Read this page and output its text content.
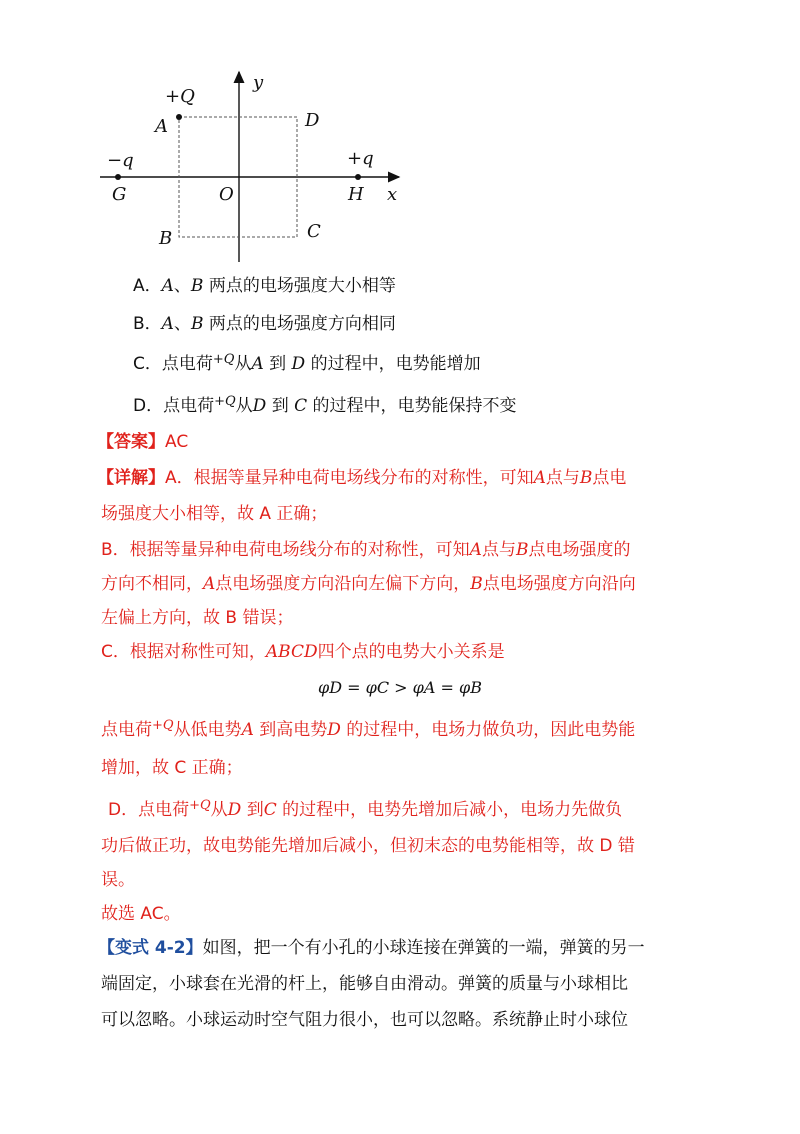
y
x
O
+Q
A	D
−q
G
+q
H
B	C
A．A、B 两点的电场强度大小相等
B．A、B 两点的电场强度方向相同
C．点电荷$^{+Q}$从A 到 D 的过程中，电势能增加
D．点电荷$^{+Q}$从D 到 C 的过程中，电势能保持不变
【答案】AC
【详解】A．根据等量异种电荷电场线分布的对称性，可知A点与B点电
场强度大小相等，故 A 正确；
B．根据等量异种电荷电场线分布的对称性，可知A点与B点电场强度的
方向不相同，A点电场强度方向沿向左偏下方向，B点电场强度方向沿向
左偏上方向，故 B 错误；
C．根据对称性可知，ABCD四个点的电势大小关系是
φD = φC > φA = φB
点电荷$^{+Q}$从低电势A 到高电势D 的过程中，电场力做负功，因此电势能
增加，故 C 正确；
D．点电荷$^{+Q}$从D 到C 的过程中，电势先增加后减小，电场力先做负
功后做正功，故电势能先增加后减小，但初末态的电势能相等，故 D 错
误。
故选 AC。
【变式 4-2】如图，把一个有小孔的小球连接在弹簧的一端，弹簧的另一
端固定，小球套在光滑的杆上，能够自由滑动。弹簧的质量与小球相比
可以忽略。小球运动时空气阻力很小，也可以忽略。系统静止时小球位
